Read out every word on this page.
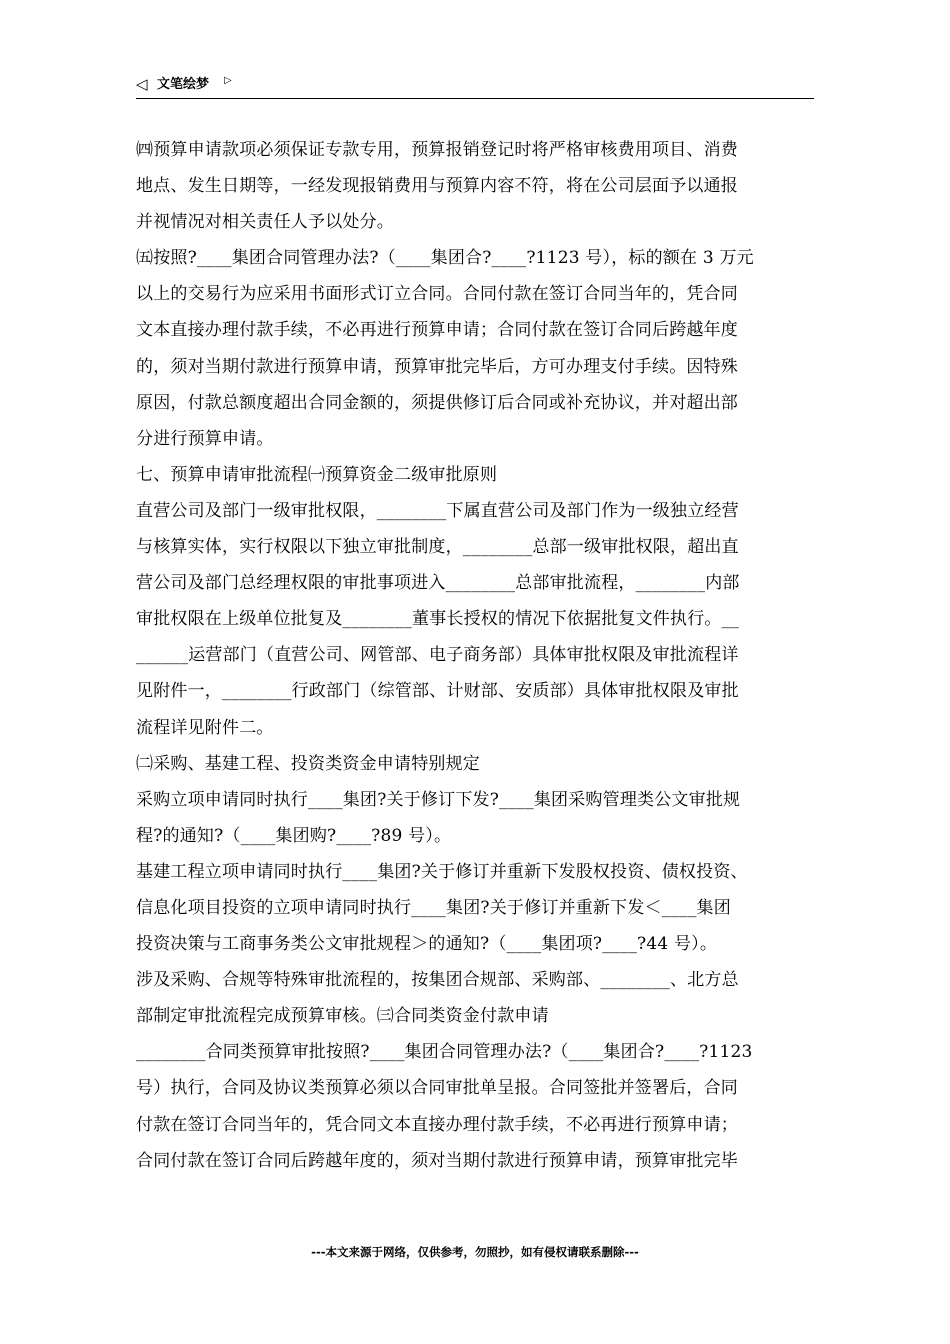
◁ 文笔绘梦 ▷
㈣预算申请款项必须保证专款专用，预算报销登记时将严格审核费用项目、消费
地点、发生日期等，一经发现报销费用与预算内容不符，将在公司层面予以通报
并视情况对相关责任人予以处分。
㈤按照?____集团合同管理办法?（____集团合?____?1123 号），标的额在 3 万元
以上的交易行为应采用书面形式订立合同。合同付款在签订合同当年的，凭合同
文本直接办理付款手续，不必再进行预算申请；合同付款在签订合同后跨越年度
的，须对当期付款进行预算申请，预算审批完毕后，方可办理支付手续。因特殊
原因，付款总额度超出合同金额的，须提供修订后合同或补充协议，并对超出部
分进行预算申请。
七、预算申请审批流程㈠预算资金二级审批原则
直营公司及部门一级审批权限，________下属直营公司及部门作为一级独立经营
与核算实体，实行权限以下独立审批制度，________总部一级审批权限，超出直
营公司及部门总经理权限的审批事项进入________总部审批流程，________内部
审批权限在上级单位批复及________董事长授权的情况下依据批复文件执行。__
______运营部门（直营公司、网管部、电子商务部）具体审批权限及审批流程详
见附件一，________行政部门（综管部、计财部、安质部）具体审批权限及审批
流程详见附件二。
㈡采购、基建工程、投资类资金申请特别规定
采购立项申请同时执行____集团?关于修订下发?____集团采购管理类公文审批规
程?的通知?（____集团购?____?89 号）。
基建工程立项申请同时执行____集团?关于修订并重新下发股权投资、债权投资、
信息化项目投资的立项申请同时执行____集团?关于修订并重新下发＜____集团
投资决策与工商事务类公文审批规程＞的通知?（____集团项?____?44 号）。
涉及采购、合规等特殊审批流程的，按集团合规部、采购部、________、北方总
部制定审批流程完成预算审核。㈢合同类资金付款申请
________合同类预算审批按照?____集团合同管理办法?（____集团合?____?1123
号）执行，合同及协议类预算必须以合同审批单呈报。合同签批并签署后，合同
付款在签订合同当年的，凭合同文本直接办理付款手续，不必再进行预算申请；
合同付款在签订合同后跨越年度的，须对当期付款进行预算申请，预算审批完毕
---本文来源于网络，仅供参考，勿照抄，如有侵权请联系删除---
